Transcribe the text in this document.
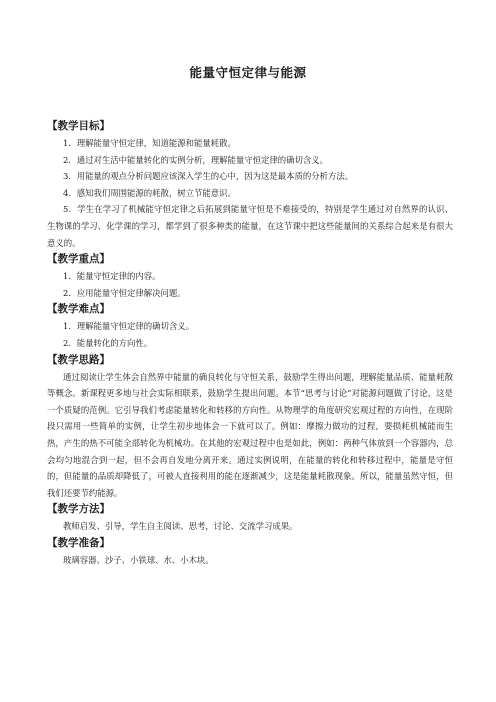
能量守恒定律与能源
【教学目标】

1．理解能量守恒定律，知道能源和能量耗散。

2．通过对生活中能量转化的实例分析，理解能量守恒定律的确切含义。

3．用能量的观点分析问题应该深入学生的心中，因为这是最本质的分析方法。

4．感知我们周围能源的耗散，树立节能意识。

5．学生在学习了机械能守恒定律之后拓展到能量守恒是不难接受的，特别是学生通过对自然界的认识、生物课的学习、化学课的学习，都学到了很多种类的能量，在这节课中把这些能量间的关系综合起来是有很大意义的。

【教学重点】

1．能量守恒定律的内容。

2．应用能量守恒定律解决问题。

【教学难点】

1．理解能量守恒定律的确切含义。

2．能量转化的方向性。

【教学思路】

通过阅读让学生体会自然界中能量的确良转化与守恒关系，鼓励学生得出问题，理解能量品质、能量耗散等概念。新课程更多地与社会实际相联系，鼓励学生提出问题。本节“思考与讨论”对能源问题做了讨论，这是一个质疑的范例。它引导我们考虑能量转化和转移的方向性。从物理学的角度研究宏观过程的方向性，在现阶段只需用一些简单的实例，让学生初步地体会一下就可以了。例如：摩擦力做功的过程，要损耗机械能而生热，产生的热不可能全部转化为机械功。在其他的宏观过程中也是如此，例如：两种气体放到一个容器内，总会均匀地混合到一起，但不会再自发地分离开来。通过实例说明，在能量的转化和转移过程中，能量是守恒的，但能量的品质却降低了，可被人直接利用的能在逐渐减少，这是能量耗散现象。所以，能量虽然守恒，但我们还要节约能源。

【教学方法】

教师启发、引导，学生自主阅读、思考，讨论、交流学习成果。

【教学准备】

玻璃容器、沙子、小铁球、水、小木块。
